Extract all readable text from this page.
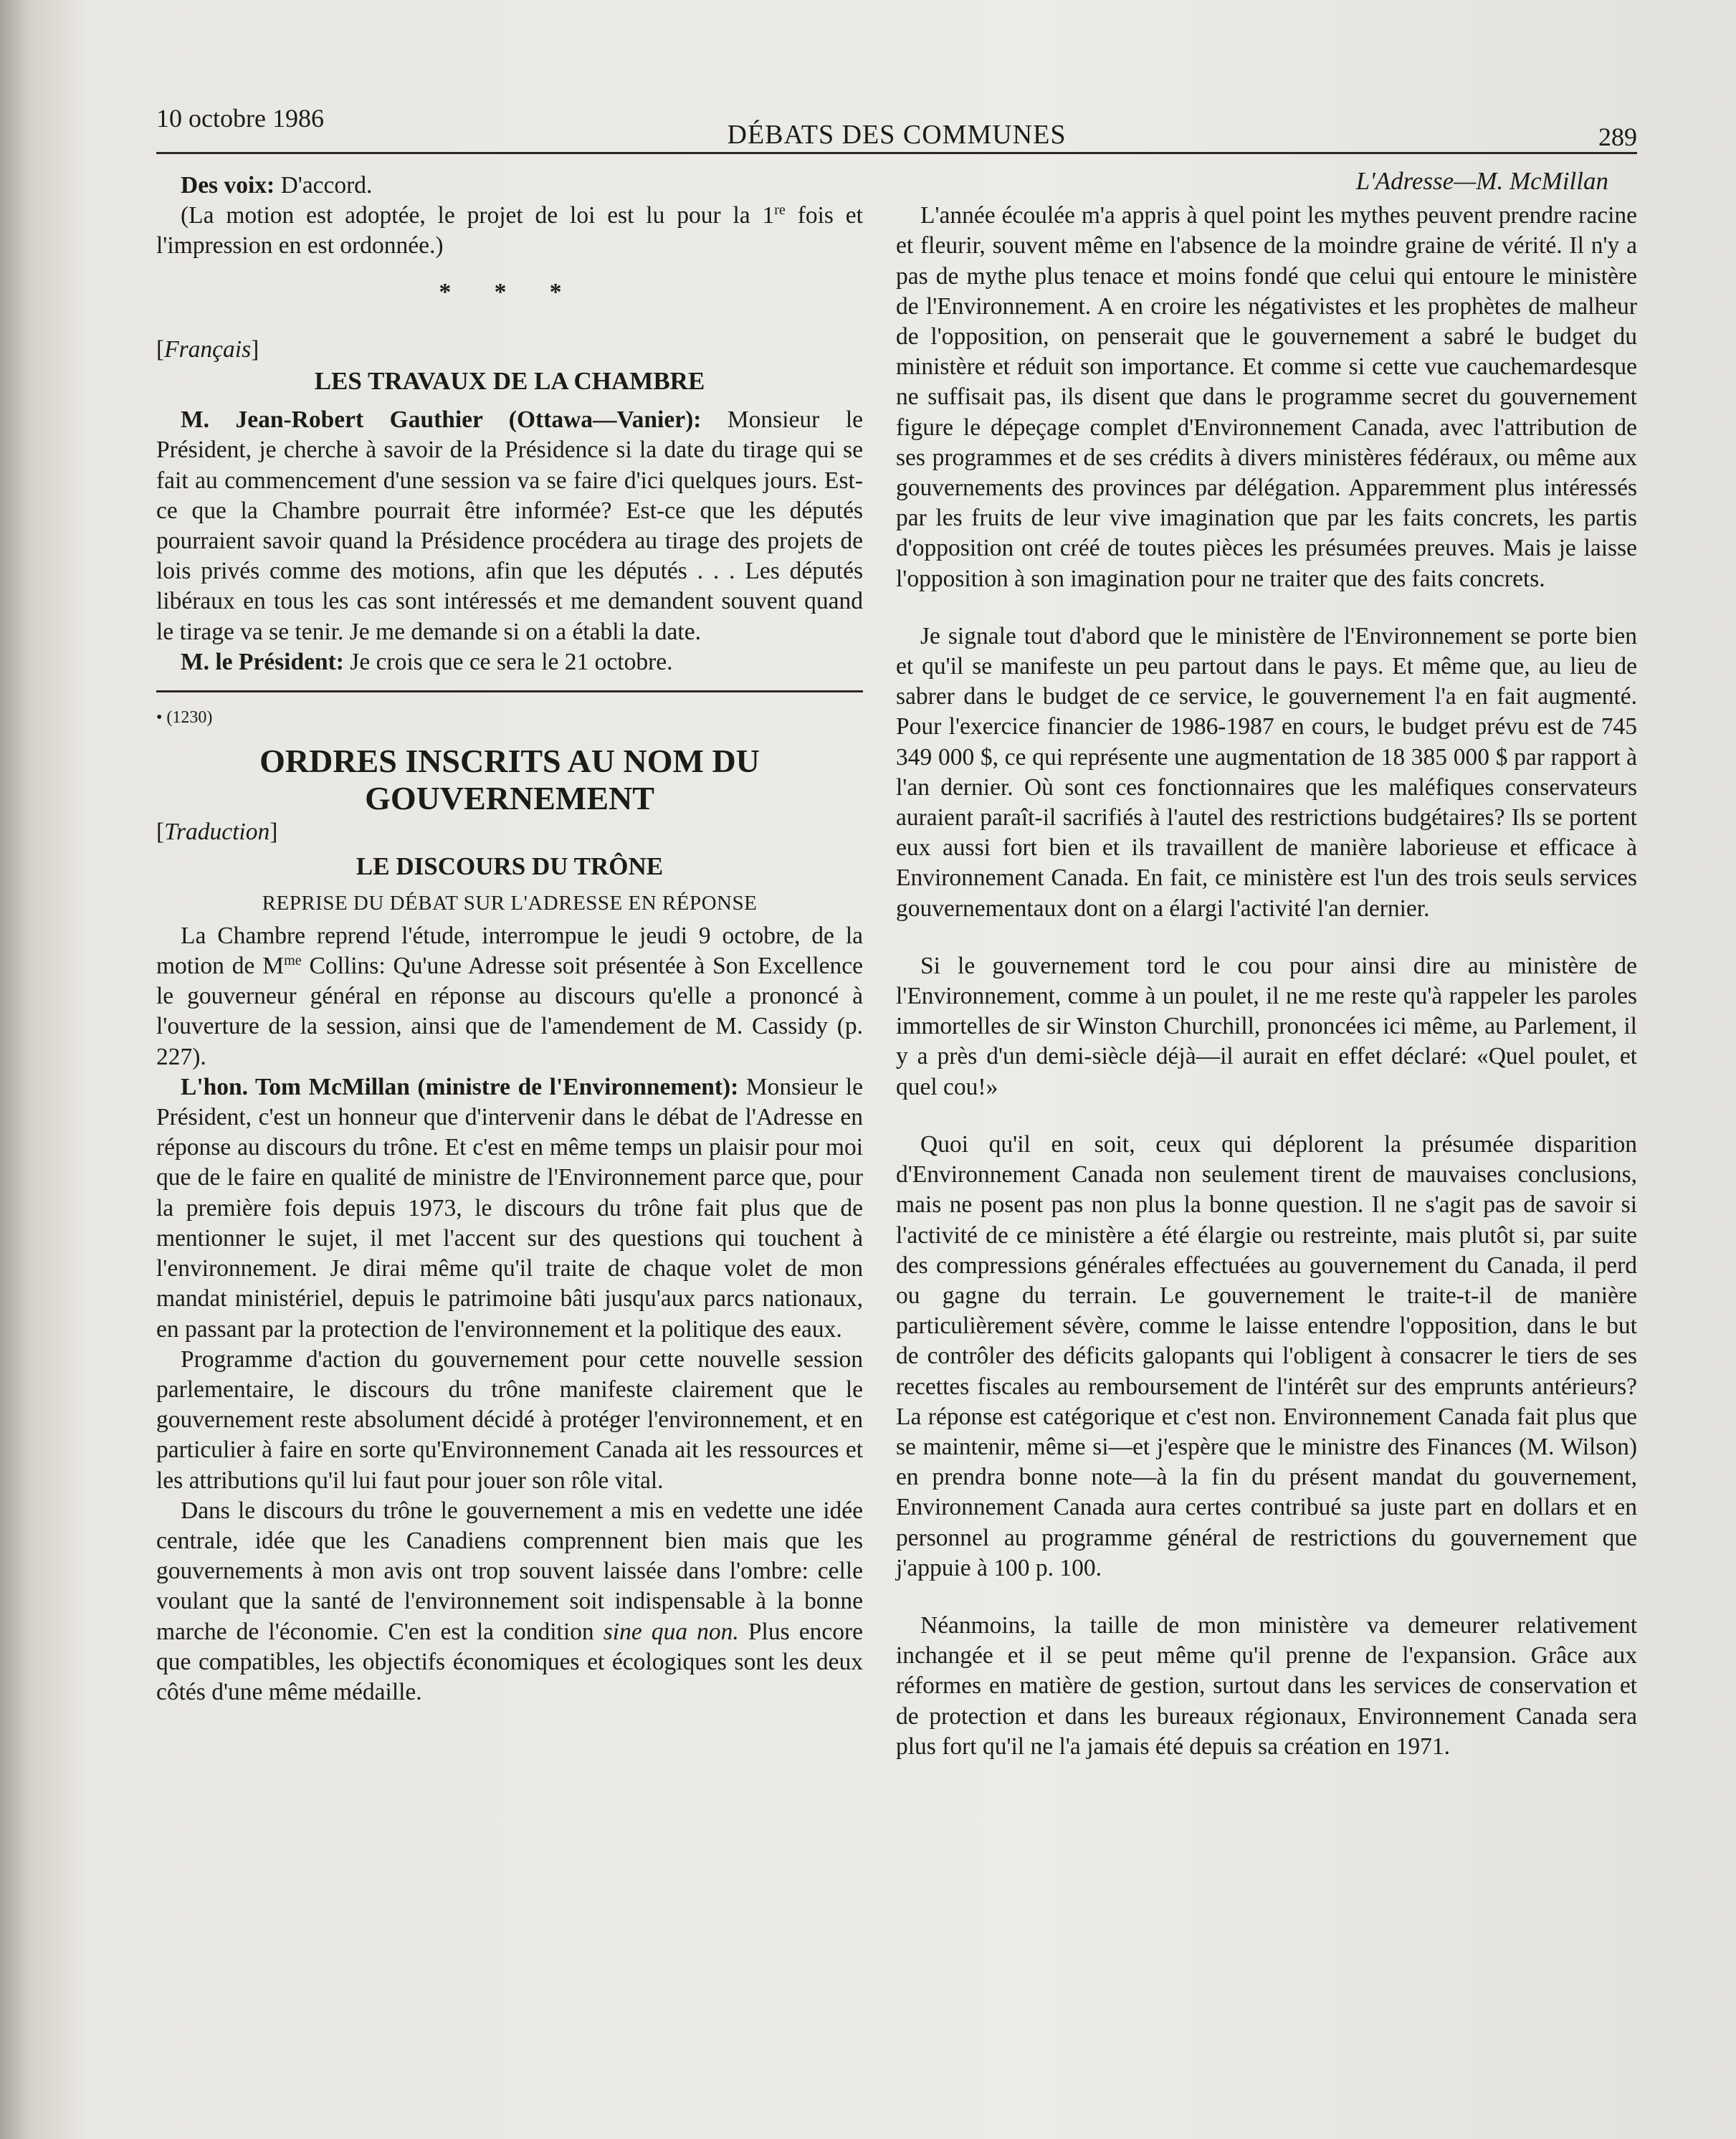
10 octobre 1986
DÉBATS DES COMMUNES	289

Des voix: D'accord.

(La motion est adoptée, le projet de loi est lu pour la 1re fois et l'impression en est ordonnée.)

* * *

[Français]

LES TRAVAUX DE LA CHAMBRE

M. Jean-Robert Gauthier (Ottawa—Vanier): Monsieur le Président, je cherche à savoir de la Présidence si la date du tirage qui se fait au commencement d'une session va se faire d'ici quelques jours. Est-ce que la Chambre pourrait être informée? Est-ce que les députés pourraient savoir quand la Présidence procédera au tirage des projets de lois privés comme des motions, afin que les députés . . . Les députés libéraux en tous les cas sont intéressés et me demandent souvent quand le tirage va se tenir. Je me demande si on a établi la date.

M. le Président: Je crois que ce sera le 21 octobre.

• (1230)

ORDRES INSCRITS AU NOM DU GOUVERNEMENT

[Traduction]

LE DISCOURS DU TRÔNE

REPRISE DU DÉBAT SUR L'ADRESSE EN RÉPONSE

La Chambre reprend l'étude, interrompue le jeudi 9 octobre, de la motion de $M^{me}$ Collins: Qu'une Adresse soit présentée à Son Excellence le gouverneur général en réponse au discours qu'elle a prononcé à l'ouverture de la session, ainsi que de l'amendement de M. Cassidy (p. 227).

L'hon. Tom McMillan (ministre de l'Environnement): Monsieur le Président, c'est un honneur que d'intervenir dans le débat de l'Adresse en réponse au discours du trône. Et c'est en même temps un plaisir pour moi que de le faire en qualité de ministre de l'Environnement parce que, pour la première fois depuis 1973, le discours du trône fait plus que de mentionner le sujet, il met l'accent sur des questions qui touchent à l'environnement. Je dirai même qu'il traite de chaque volet de mon mandat ministériel, depuis le patrimoine bâti jusqu'aux parcs nationaux, en passant par la protection de l'environnement et la politique des eaux.

Programme d'action du gouvernement pour cette nouvelle session parlementaire, le discours du trône manifeste clairement que le gouvernement reste absolument décidé à protéger l'environnement, et en particulier à faire en sorte qu'Environnement Canada ait les ressources et les attributions qu'il lui faut pour jouer son rôle vital.

Dans le discours du trône le gouvernement a mis en vedette une idée centrale, idée que les Canadiens comprennent bien mais que les gouvernements à mon avis ont trop souvent laissée dans l'ombre: celle voulant que la santé de l'environnement soit indispensable à la bonne marche de l'économie. C'en est la condition sine qua non. Plus encore que compatibles, les objectifs économiques et écologiques sont les deux côtés d'une même médaille.

L'Adresse—M. McMillan

L'année écoulée m'a appris à quel point les mythes peuvent prendre racine et fleurir, souvent même en l'absence de la moindre graine de vérité. Il n'y a pas de mythe plus tenace et moins fondé que celui qui entoure le ministère de l'Environnement. A en croire les négativistes et les prophètes de malheur de l'opposition, on penserait que le gouvernement a sabré le budget du ministère et réduit son importance. Et comme si cette vue cauchemardesque ne suffisait pas, ils disent que dans le programme secret du gouvernement figure le dépeçage complet d'Environnement Canada, avec l'attribution de ses programmes et de ses crédits à divers ministères fédéraux, ou même aux gouvernements des provinces par délégation. Apparemment plus intéressés par les fruits de leur vive imagination que par les faits concrets, les partis d'opposition ont créé de toutes pièces les présumées preuves. Mais je laisse l'opposition à son imagination pour ne traiter que des faits concrets.

Je signale tout d'abord que le ministère de l'Environnement se porte bien et qu'il se manifeste un peu partout dans le pays. Et même que, au lieu de sabrer dans le budget de ce service, le gouvernement l'a en fait augmenté. Pour l'exercice financier de 1986-1987 en cours, le budget prévu est de 745 349 000 $, ce qui représente une augmentation de 18 385 000 $ par rapport à l'an dernier. Où sont ces fonctionnaires que les maléfiques conservateurs auraient paraît-il sacrifiés à l'autel des restrictions budgétaires? Ils se portent eux aussi fort bien et ils travaillent de manière laborieuse et efficace à Environnement Canada. En fait, ce ministère est l'un des trois seuls services gouvernementaux dont on a élargi l'activité l'an dernier.

Si le gouvernement tord le cou pour ainsi dire au ministère de l'Environnement, comme à un poulet, il ne me reste qu'à rappeler les paroles immortelles de sir Winston Churchill, prononcées ici même, au Parlement, il y a près d'un demi-siècle déjà—il aurait en effet déclaré: «Quel poulet, et quel cou!»

Quoi qu'il en soit, ceux qui déplorent la présumée disparition d'Environnement Canada non seulement tirent de mauvaises conclusions, mais ne posent pas non plus la bonne question. Il ne s'agit pas de savoir si l'activité de ce ministère a été élargie ou restreinte, mais plutôt si, par suite des compressions générales effectuées au gouvernement du Canada, il perd ou gagne du terrain. Le gouvernement le traite-t-il de manière particulièrement sévère, comme le laisse entendre l'opposition, dans le but de contrôler des déficits galopants qui l'obligent à consacrer le tiers de ses recettes fiscales au remboursement de l'intérêt sur des emprunts antérieurs? La réponse est catégorique et c'est non. Environnement Canada fait plus que se maintenir, même si—et j'espère que le ministre des Finances (M. Wilson) en prendra bonne note—à la fin du présent mandat du gouvernement, Environnement Canada aura certes contribué sa juste part en dollars et en personnel au programme général de restrictions du gouvernement que j'appuie à 100 p. 100.

Néanmoins, la taille de mon ministère va demeurer relativement inchangée et il se peut même qu'il prenne de l'expansion. Grâce aux réformes en matière de gestion, surtout dans les services de conservation et de protection et dans les bureaux régionaux, Environnement Canada sera plus fort qu'il ne l'a jamais été depuis sa création en 1971.
